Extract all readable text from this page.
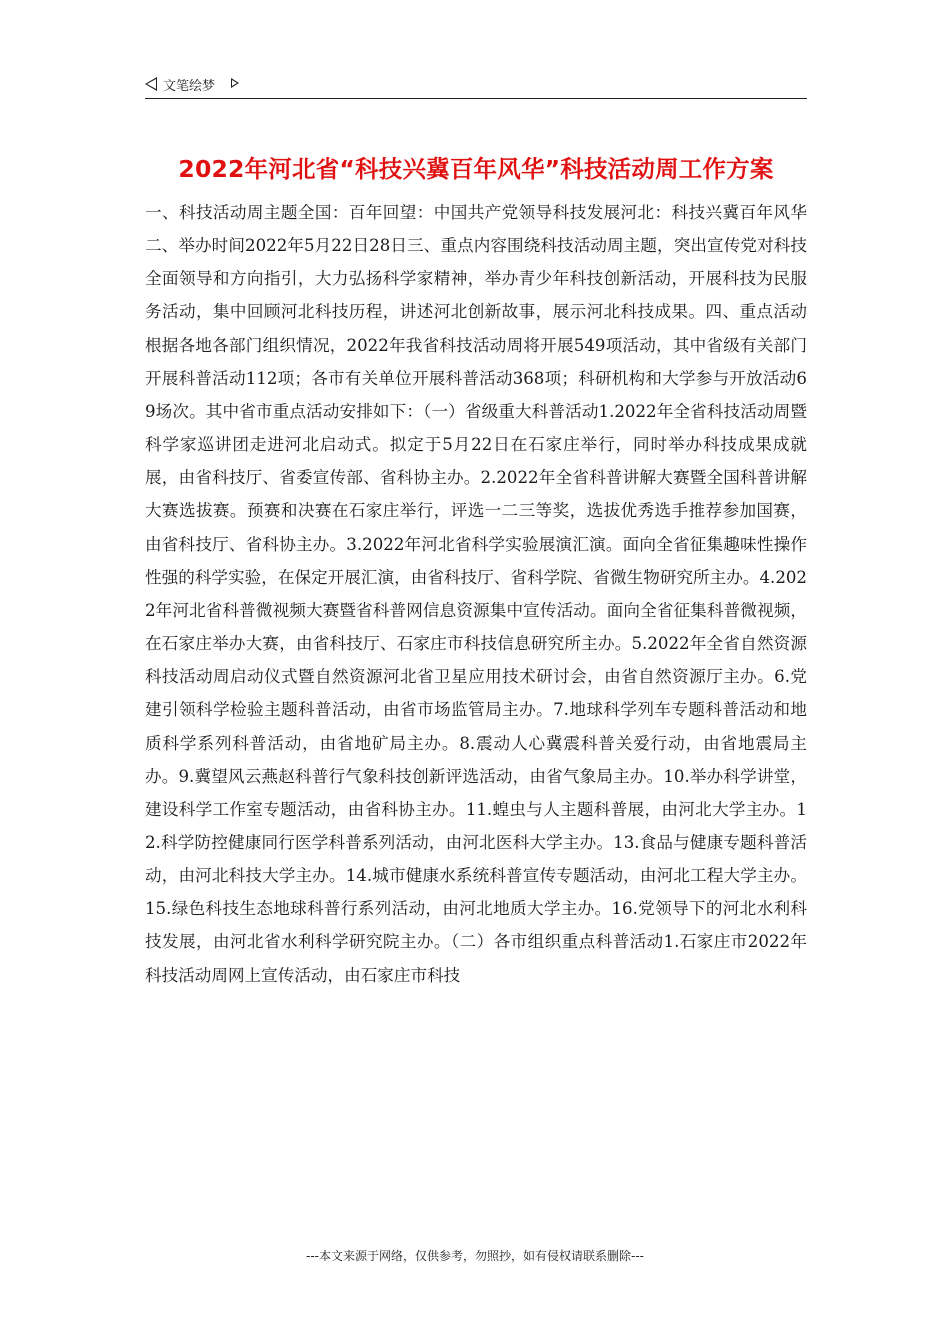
文笔绘梦
2022年河北省“科技兴冀百年风华”科技活动周工作方案
一、科技活动周主题全国：百年回望：中国共产党领导科技发展河北：科技兴冀百年风华二、举办时间2022年5月22日28日三、重点内容围绕科技活动周主题，突出宣传党对科技全面领导和方向指引，大力弘扬科学家精神，举办青少年科技创新活动，开展科技为民服务活动，集中回顾河北科技历程，讲述河北创新故事，展示河北科技成果。四、重点活动根据各地各部门组织情况，2022年我省科技活动周将开展549项活动，其中省级有关部门开展科普活动112项；各市有关单位开展科普活动368项；科研机构和大学参与开放活动69场次。其中省市重点活动安排如下：（一）省级重大科普活动1.2022年全省科技活动周暨科学家巡讲团走进河北启动式。拟定于5月22日在石家庄举行，同时举办科技成果成就展，由省科技厅、省委宣传部、省科协主办。2.2022年全省科普讲解大赛暨全国科普讲解大赛选拔赛。预赛和决赛在石家庄举行，评选一二三等奖，选拔优秀选手推荐参加国赛，由省科技厅、省科协主办。3.2022年河北省科学实验展演汇演。面向全省征集趣味性操作性强的科学实验，在保定开展汇演，由省科技厅、省科学院、省微生物研究所主办。4.2022年河北省科普微视频大赛暨省科普网信息资源集中宣传活动。面向全省征集科普微视频，在石家庄举办大赛，由省科技厅、石家庄市科技信息研究所主办。5.2022年全省自然资源科技活动周启动仪式暨自然资源河北省卫星应用技术研讨会，由省自然资源厅主办。6.党建引领科学检验主题科普活动，由省市场监管局主办。7.地球科学列车专题科普活动和地质科学系列科普活动，由省地矿局主办。8.震动人心冀震科普关爱行动，由省地震局主办。9.冀望风云燕赵科普行气象科技创新评选活动，由省气象局主办。10.举办科学讲堂，建设科学工作室专题活动，由省科协主办。11.蝗虫与人主题科普展，由河北大学主办。12.科学防控健康同行医学科普系列活动，由河北医科大学主办。13.食品与健康专题科普活动，由河北科技大学主办。14.城市健康水系统科普宣传专题活动，由河北工程大学主办。15.绿色科技生态地球科普行系列活动，由河北地质大学主办。16.党领导下的河北水利科技发展，由河北省水利科学研究院主办。（二）各市组织重点科普活动1.石家庄市2022年科技活动周网上宣传活动，由石家庄市科技
---本文来源于网络，仅供参考，勿照抄，如有侵权请联系删除---
